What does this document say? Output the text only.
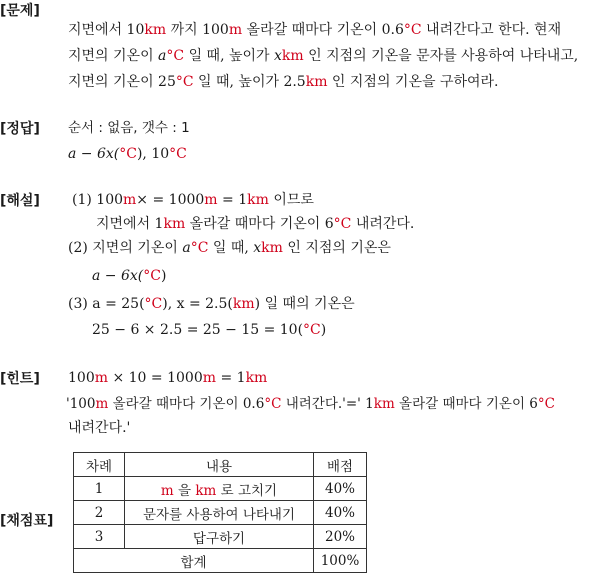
[문제]
지면에서 10km 까지 100m 올라갈 때마다 기온이 0.6°C 내려간다고 한다. 현재
지면의 기온이 a°C 일 때, 높이가 xkm 인 지점의 기온을 문자를 사용하여 나타내고,
지면의 기온이 25°C 일 때, 높이가 2.5km 인 지점의 기온을 구하여라.
[정답] 순서 : 없음, 갯수 : 1
a − 6x(°C), 10°C
[해설] (1) 100m× = 1000m = 1km 이므로
지면에서 1km 올라갈 때마다 기온이 6°C 내려간다.
(2) 지면의 기온이 a°C 일 때, xkm 인 지점의 기온은
a − 6x(°C)
(3) a = 25(°C), x = 2.5(km) 일 때의 기온은
25 − 6 × 2.5 = 25 − 15 = 10(°C)
[힌트] 100m × 10 = 1000m = 1km
'100m 올라갈 때마다 기온이 0.6°C 내려간다.'=' 1km 올라갈 때마다 기온이 6°C
내려간다.'
[채점표]
차례	내용	배점
1	m 을 km 로 고치기	40%
2	문자를 사용하여 나타내기	40%
3	답구하기	20%
합계		100%
